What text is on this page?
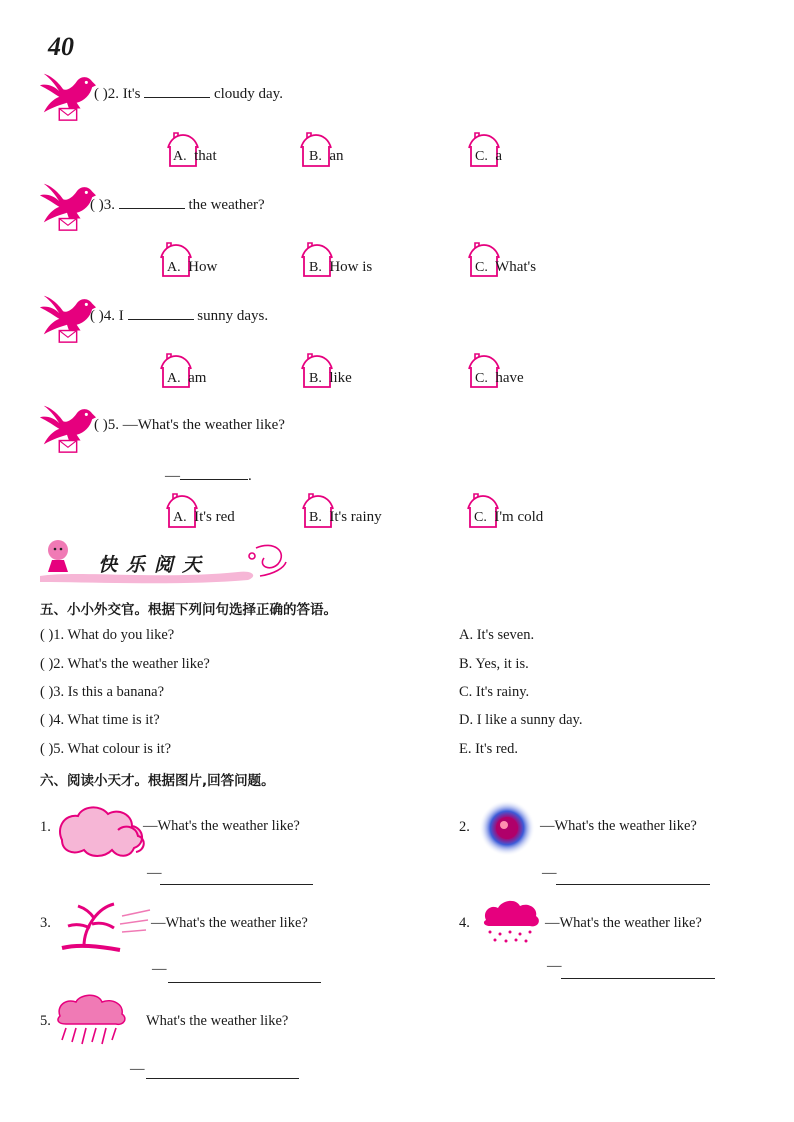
40
( )2. It's	cloudy day.
A. that	B. an	C. a
( )3.	the weather?
A. How	B. How is	C. What's
( )4. I	sunny days.
A. am	B. like	C. have
( )5. —What's the weather like?
—	.
A. It's red	B. It's rainy	C. I'm cold
快乐阅天
五、小小外交官。根据下列问句选择正确的答语。
( )1. What do you like?
( )2. What's the weather like?
( )3. Is this a banana?
( )4. What time is it?
( )5. What colour is it?
A. It's seven.
B. Yes, it is.
C. It's rainy.
D. I like a sunny day.
E. It's red.
六、阅读小天才。根据图片,回答问题。
1.	—What's the weather like?
—
2.	—What's the weather like?
—
3.	—What's the weather like?
—
4.	—What's the weather like?
—
5.	What's the weather like?
—
